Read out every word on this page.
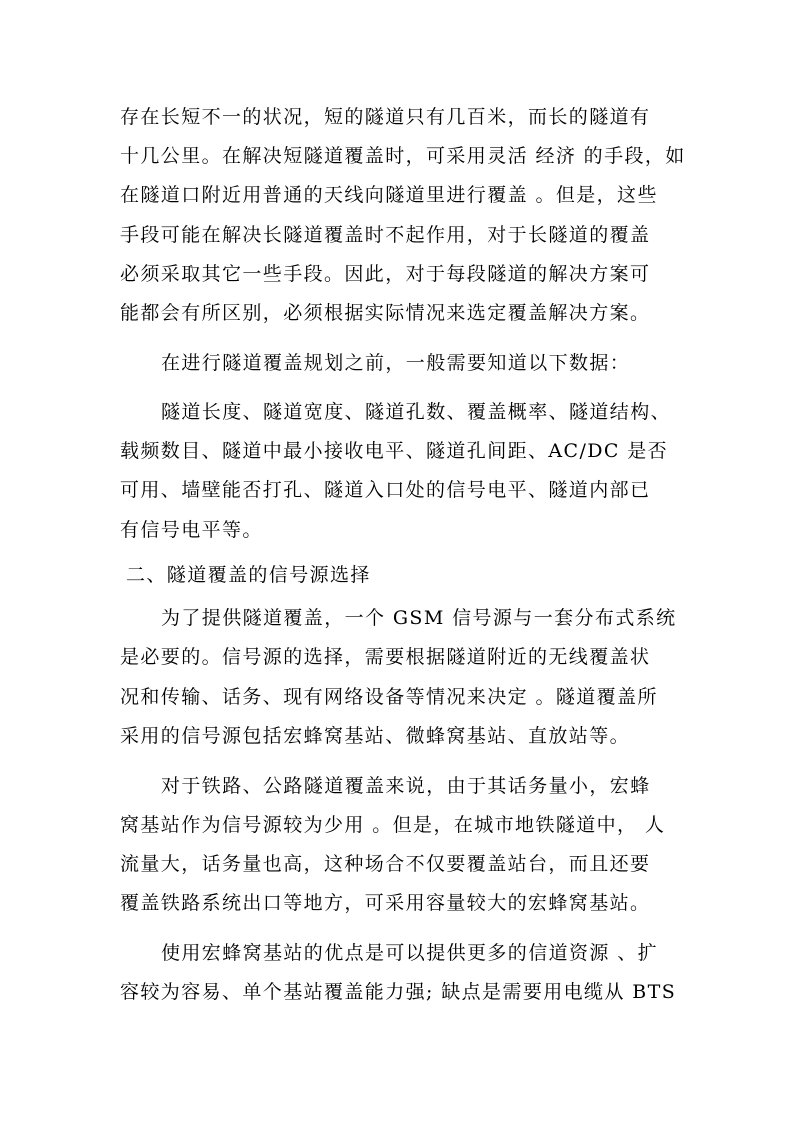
存在长短不一的状况，短的隧道只有几百米，而长的隧道有
十几公里。在解决短隧道覆盖时，可采用灵活 经济 的手段，如
在隧道口附近用普通的天线向隧道里进行覆盖 。但是，这些
手段可能在解决长隧道覆盖时不起作用，对于长隧道的覆盖
必须采取其它一些手段。因此，对于每段隧道的解决方案可
能都会有所区别，必须根据实际情况来选定覆盖解决方案。
在进行隧道覆盖规划之前，一般需要知道以下数据：
隧道长度、隧道宽度、隧道孔数、覆盖概率、隧道结构、
载频数目、隧道中最小接收电平、隧道孔间距、AC/DC 是否
可用、墙壁能否打孔、隧道入口处的信号电平、隧道内部已
有信号电平等。
二、隧道覆盖的信号源选择
为了提供隧道覆盖，一个 GSM 信号源与一套分布式系统
是必要的。信号源的选择，需要根据隧道附近的无线覆盖状
况和传输、话务、现有网络设备等情况来决定 。隧道覆盖所
采用的信号源包括宏蜂窝基站、微蜂窝基站、直放站等。
对于铁路、公路隧道覆盖来说，由于其话务量小，宏蜂
窝基站作为信号源较为少用 。但是，在城市地铁隧道中， 人
流量大，话务量也高，这种场合不仅要覆盖站台，而且还要
覆盖铁路系统出口等地方，可采用容量较大的宏蜂窝基站。
使用宏蜂窝基站的优点是可以提供更多的信道资源 、扩
容较为容易、单个基站覆盖能力强; 缺点是需要用电缆从 BTS
